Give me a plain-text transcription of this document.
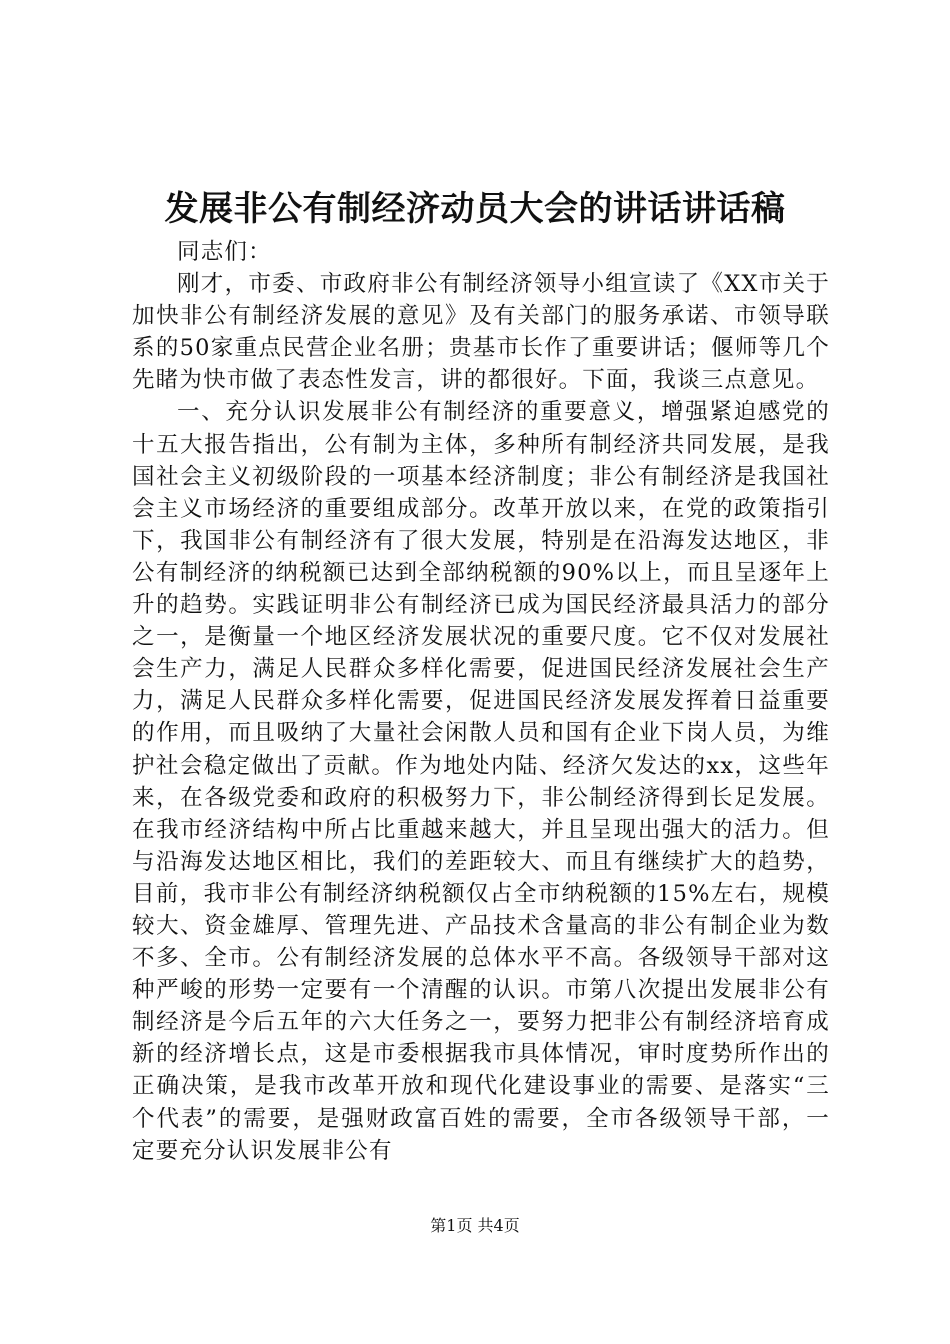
发展非公有制经济动员大会的讲话讲话稿

同志们：

刚才，市委、市政府非公有制经济领导小组宣读了《XX市关于加快非公有制经济发展的意见》及有关部门的服务承诺、市领导联系的50家重点民营企业名册；贵基市长作了重要讲话；偃师等几个先睹为快市做了表态性发言，讲的都很好。下面，我谈三点意见。

一、充分认识发展非公有制经济的重要意义，增强紧迫感党的十五大报告指出，公有制为主体，多种所有制经济共同发展，是我国社会主义初级阶段的一项基本经济制度；非公有制经济是我国社会主义市场经济的重要组成部分。改革开放以来，在党的政策指引下，我国非公有制经济有了很大发展，特别是在沿海发达地区，非公有制经济的纳税额已达到全部纳税额的90%以上，而且呈逐年上升的趋势。实践证明非公有制经济已成为国民经济最具活力的部分之一，是衡量一个地区经济发展状况的重要尺度。它不仅对发展社会生产力，满足人民群众多样化需要，促进国民经济发展社会生产力，满足人民群众多样化需要，促进国民经济发展发挥着日益重要的作用，而且吸纳了大量社会闲散人员和国有企业下岗人员，为维护社会稳定做出了贡献。作为地处内陆、经济欠发达的xx，这些年来，在各级党委和政府的积极努力下，非公制经济得到长足发展。在我市经济结构中所占比重越来越大，并且呈现出强大的活力。但与沿海发达地区相比，我们的差距较大、而且有继续扩大的趋势，目前，我市非公有制经济纳税额仅占全市纳税额的15%左右，规模较大、资金雄厚、管理先进、产品技术含量高的非公有制企业为数不多、全市。公有制经济发展的总体水平不高。各级领导干部对这种严峻的形势一定要有一个清醒的认识。市第八次提出发展非公有制经济是今后五年的六大任务之一，要努力把非公有制经济培育成新的经济增长点，这是市委根据我市具体情况，审时度势所作出的正确决策，是我市改革开放和现代化建设事业的需要、是落实“三个代表”的需要，是强财政富百姓的需要，全市各级领导干部，一定要充分认识发展非公有

第1页 共4页
